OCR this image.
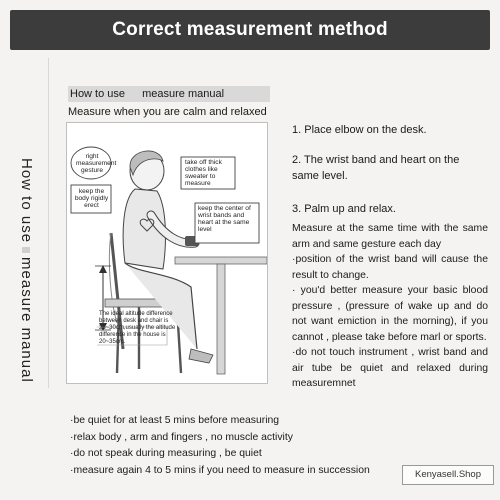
Correct measurement method
How to usemeasure manual
How to use measure manual
Measure when you are calm and relaxed
right measurement gesture
keep the body rigidly erect
take off thick clothes like sweater to measure
keep the center of wrist bands and heart at the same level
The ideal altitude difference between desk and chair is 25~30cm,usually the altitude difference in the house is 20~35cm.

1. Place elbow on the desk.

2. The wrist band and heart on the same level.

3. Palm up and relax.

Measure at the same time with the same arm and same gesture each day

·position of the wrist band will cause the result to change.

· you'd better measure your basic blood pressure , (pressure of wake up and do not want emiction in the morning), if you cannot , please take before marl or sports.

·do not touch instrument , wrist band and air tube be quiet and relaxed during measuremnet

·be quiet for at least 5 mins before measuring

·relax body , arm and fingers , no muscle activity

·do not speak during measuring , be quiet

·measure again 4 to 5 mins if you need to measure in succession	Kenyasell.Shop
